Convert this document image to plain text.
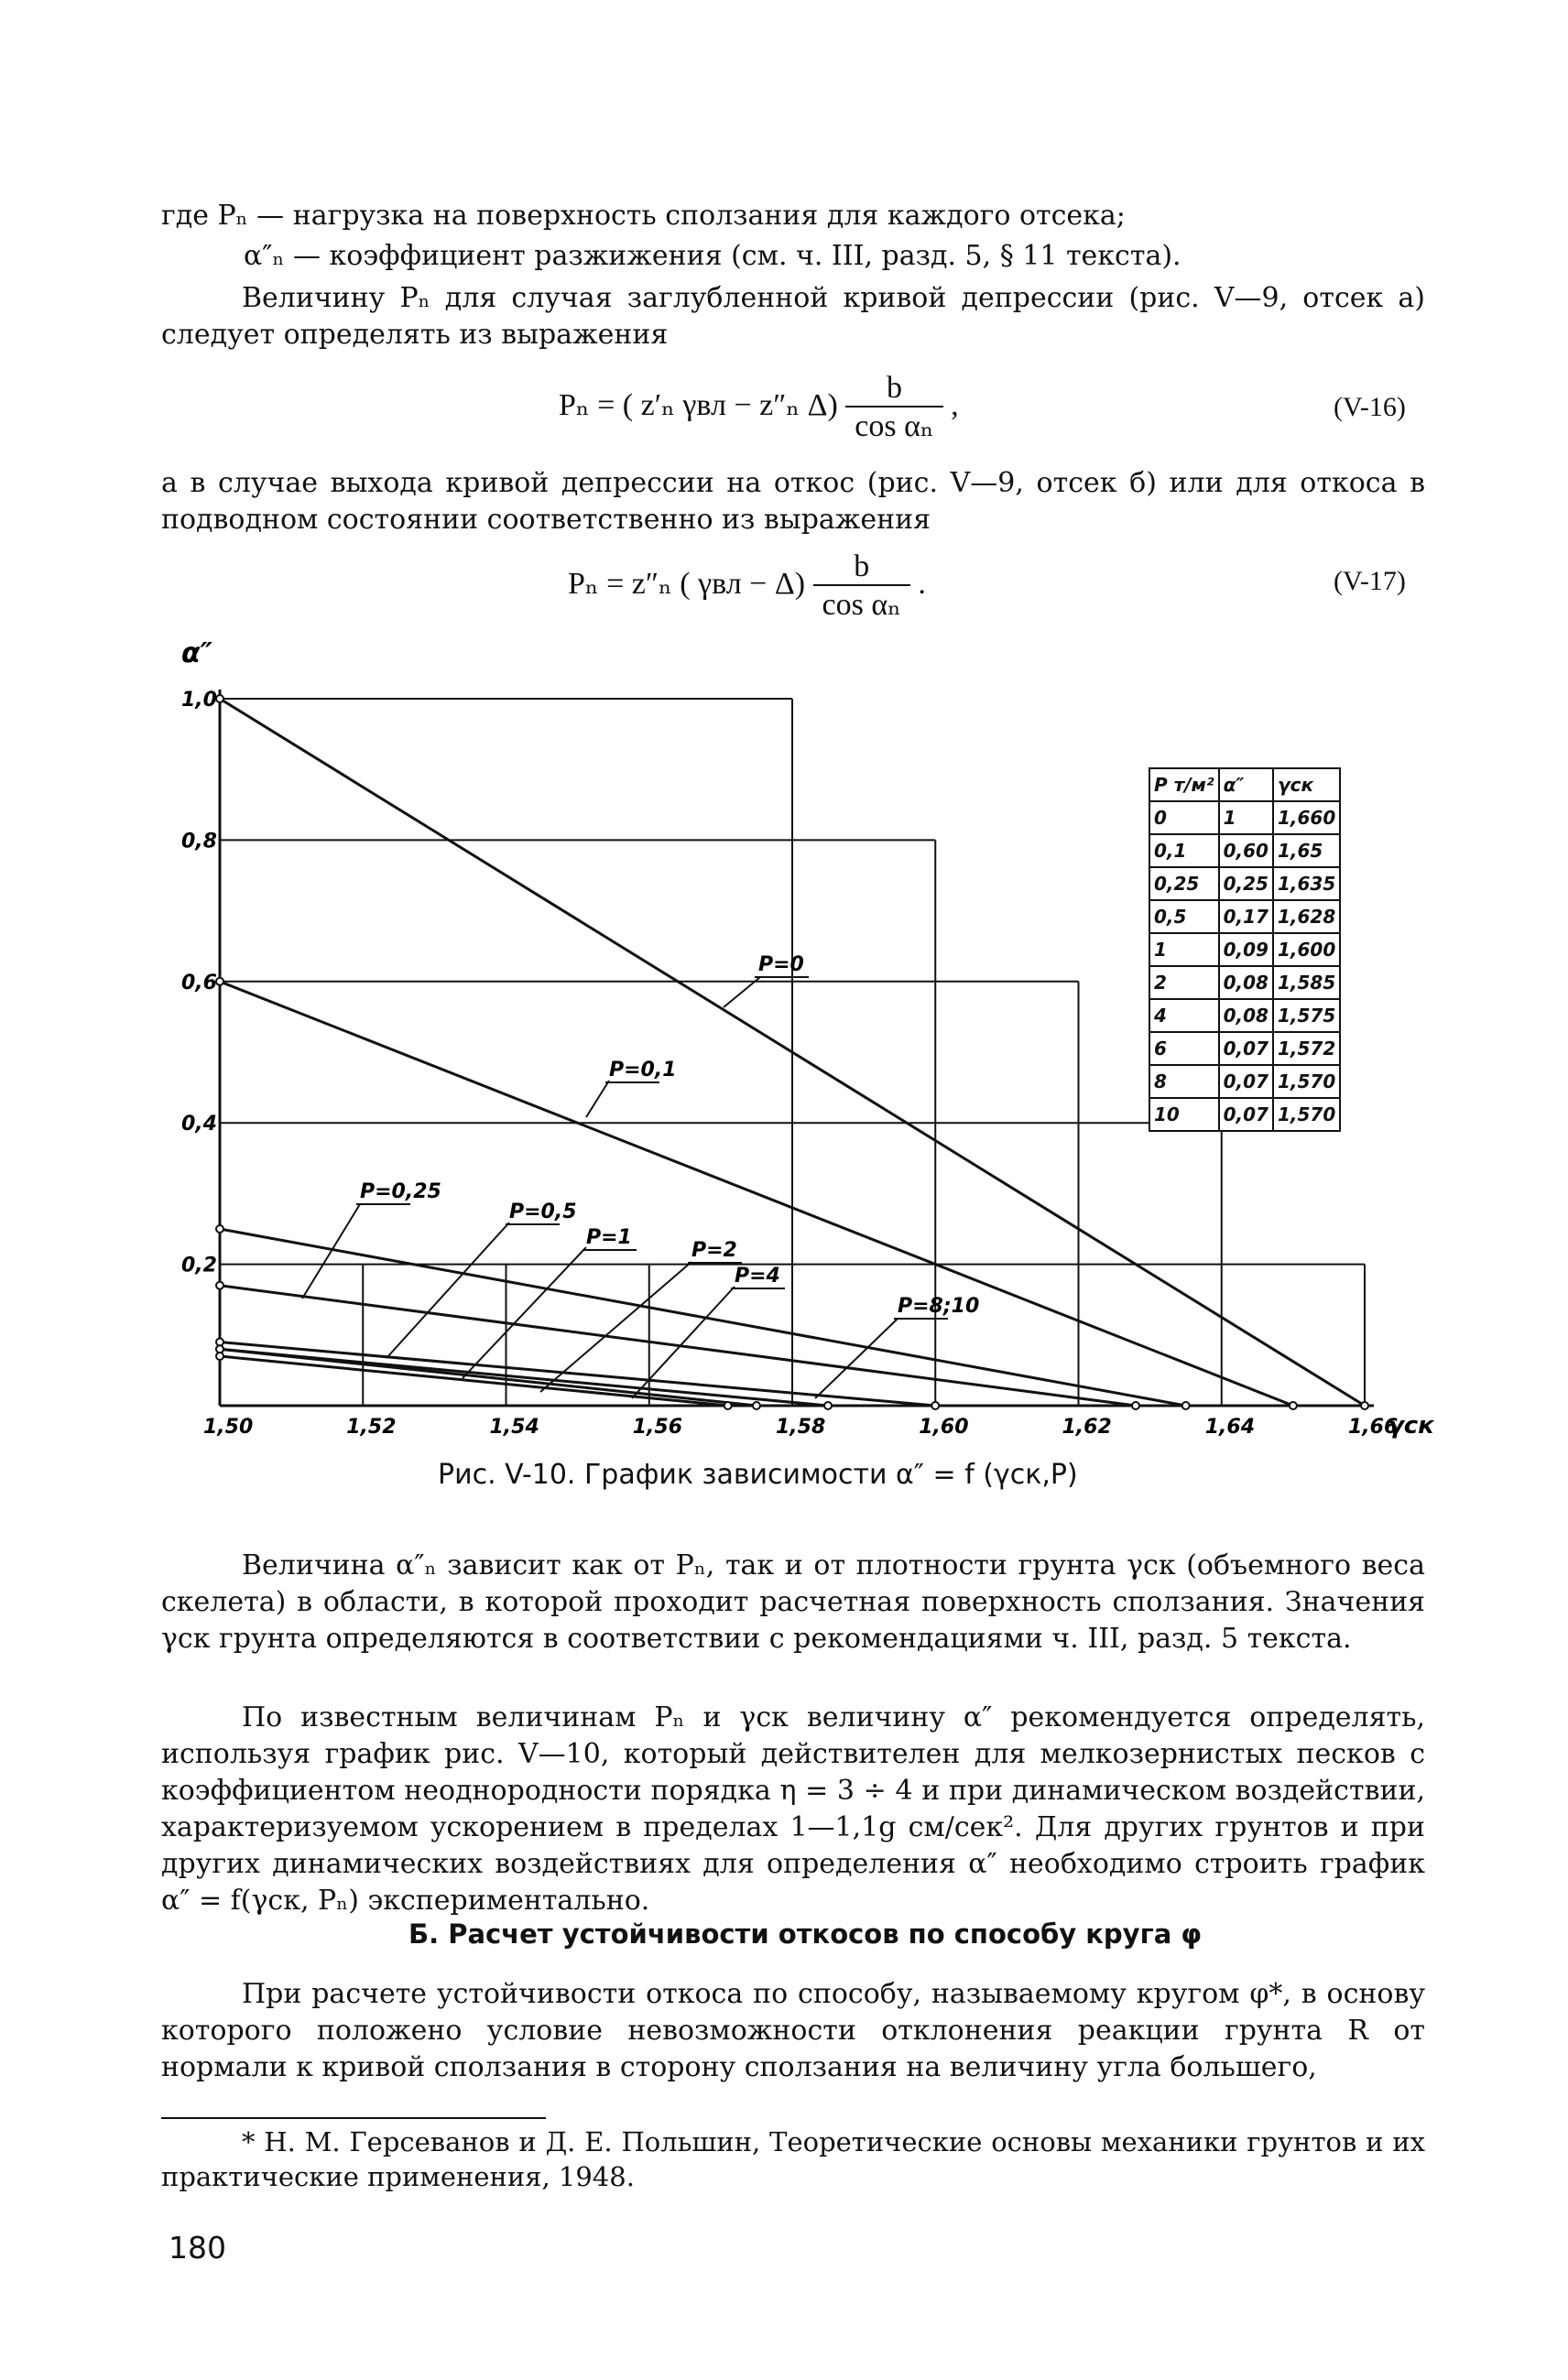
где Pₙ — нагрузка на поверхность сползания для каждого отсека;
α″ₙ — коэффициент разжижения (см. ч. III, разд. 5, § 11 текста).
Величину Pₙ для случая заглубленной кривой депрессии (рис. V—9, отсек а) следует определять из выражения
Pₙ = ( z′ₙ γвл − z″ₙ $\Delta) \frac{b}{\text{cos αₙ}}$ ,	(V-16)
а в случае выхода кривой депрессии на откос (рис. V—9, отсек б) или для откоса в подводном состоянии соответственно из выражения
Pₙ = z″ₙ ( $\gamma вл - \Delta) \frac{b}{\text{cos αₙ}}$ .	(V-17)
1,50	1,52	1,54	1,56	1,58	1,60	1,62	1,64	1,66
0,2
0,4
0,6
0,8
1,0
P=0
P=0,1
P=0,25
P=0,5
P=1
P=2
P=4
P=8;10
α″
γск
P т/м²	α″	γск
0	1	1,660
0,1	0,60	1,65
0,25	0,25	1,635
0,5	0,17	1,628
1	0,09	1,600
2	0,08	1,585
4	0,08	1,575
6	0,07	1,572
8	0,07	1,570
10	0,07	1,570
Рис. V-10. График зависимости α″ = f (γск,P)
Величина α″ₙ зависит как от Pₙ, так и от плотности грунта γск (объемного веса скелета) в области, в которой проходит расчетная поверхность сползания. Значения γск грунта определяются в соответствии с рекомендациями ч. III, разд. 5 текста.
По известным величинам Pₙ и γск величину α″ рекомендуется определять, используя график рис. V—10, который действителен для мелкозернистых песков с коэффициентом неоднородности порядка η = 3 ÷ 4 и при динамическом воздействии, характеризуемом ускорением в пределах 1—1,1g см/сек². Для других грунтов и при других динамических воздействиях для определения α″ необходимо строить график α″ = f(γск, Pₙ) экспериментально.
Б. Расчет устойчивости откосов по способу круга φ
При расчете устойчивости откоса по способу, называемому кругом φ*, в основу которого положено условие невозможности отклонения реакции грунта R от нормали к кривой сползания в сторону сползания на величину угла большего,
* Н. М. Герсеванов и Д. Е. Польшин, Теоретические основы механики грунтов и их практические применения, 1948.
180
